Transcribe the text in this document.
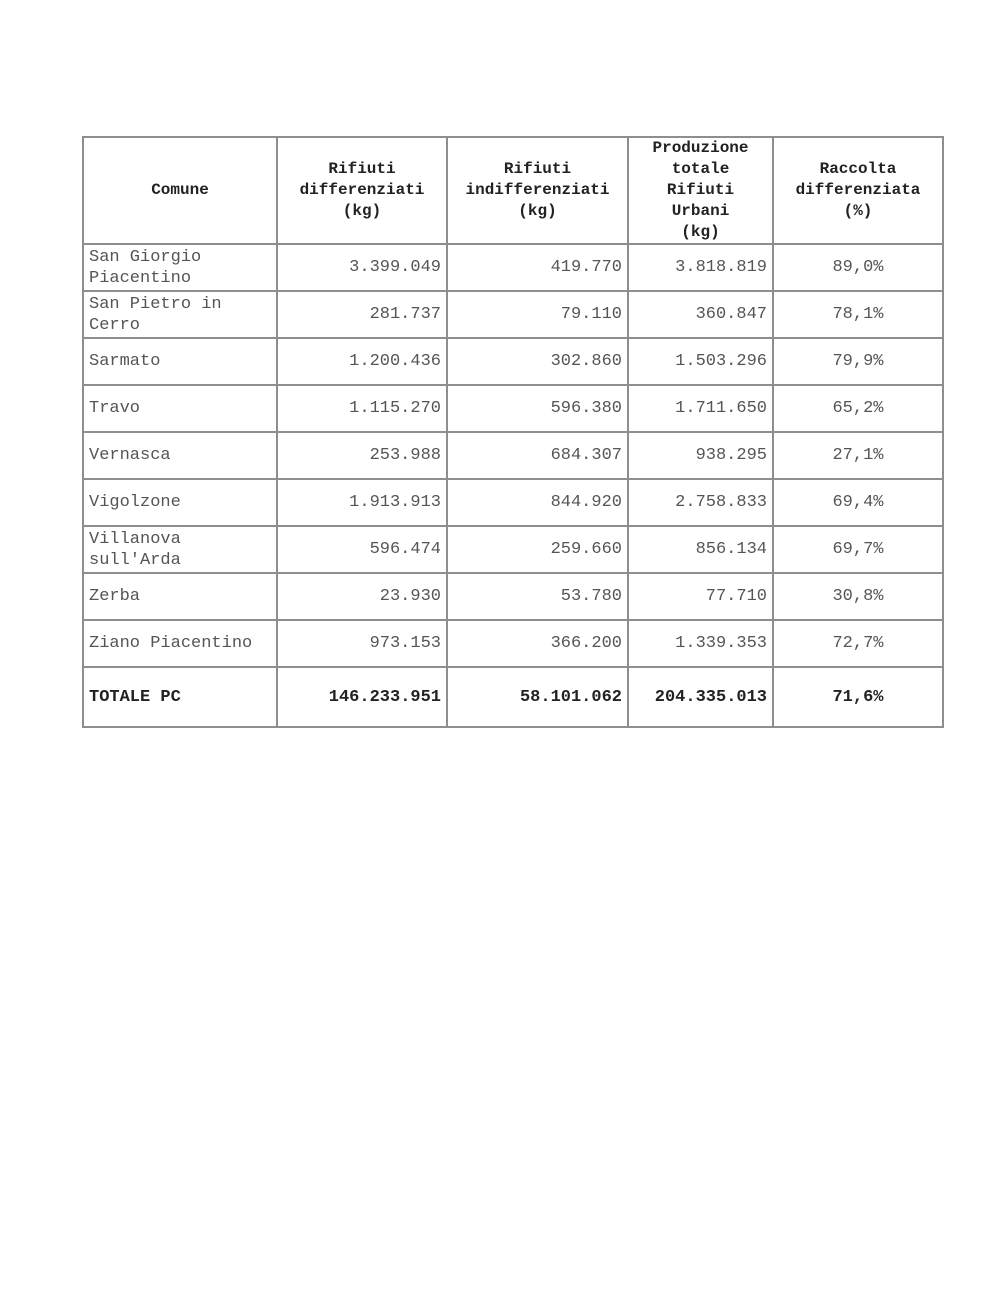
Comune	Rifiuti
differenziati
(kg)	Rifiuti
indifferenziati
(kg)	Produzione
totale
Rifiuti
Urbani
(kg)	Raccolta
differenziata
(%)
San Giorgio
Piacentino	3.399.049	419.770	3.818.819	89,0%
San Pietro in
Cerro	281.737	79.110	360.847	78,1%
Sarmato	1.200.436	302.860	1.503.296	79,9%
Travo	1.115.270	596.380	1.711.650	65,2%
Vernasca	253.988	684.307	938.295	27,1%
Vigolzone	1.913.913	844.920	2.758.833	69,4%
Villanova
sull'Arda	596.474	259.660	856.134	69,7%
Zerba	23.930	53.780	77.710	30,8%
Ziano Piacentino	973.153	366.200	1.339.353	72,7%
TOTALE PC	146.233.951	58.101.062	204.335.013	71,6%
